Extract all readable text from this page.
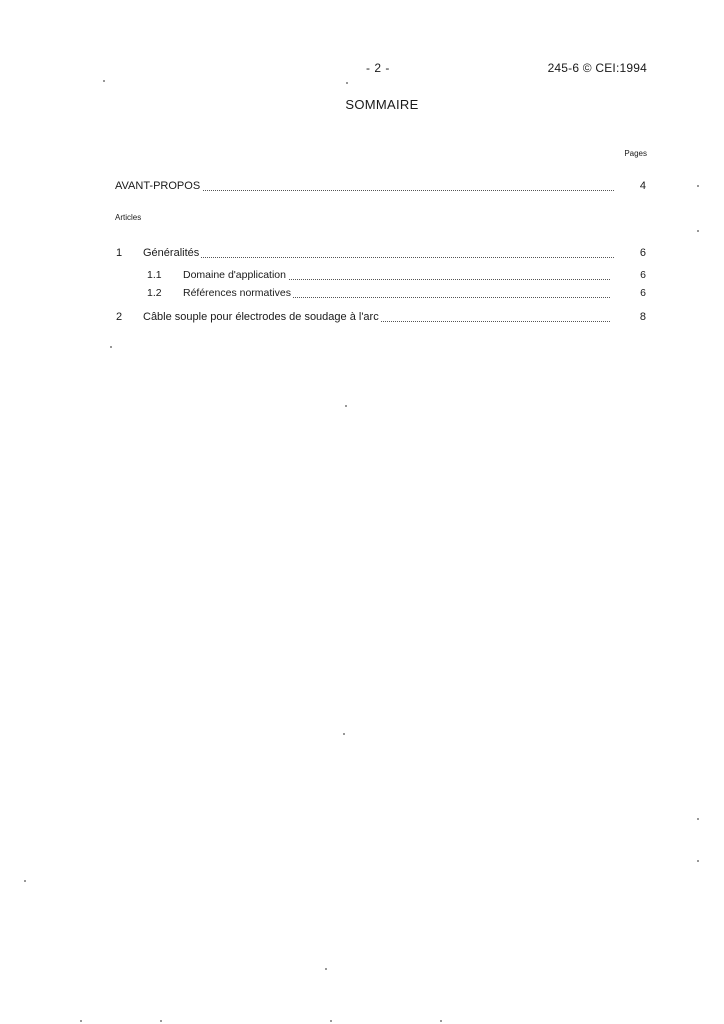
- 2 -	245-6 © CEI:1994
SOMMAIRE
Pages
AVANT-PROPOS	4
Articles
1 Généralités	6
1.1 Domaine d'application	6
1.2 Références normatives	6
2 Câble souple pour électrodes de soudage à l'arc	8
